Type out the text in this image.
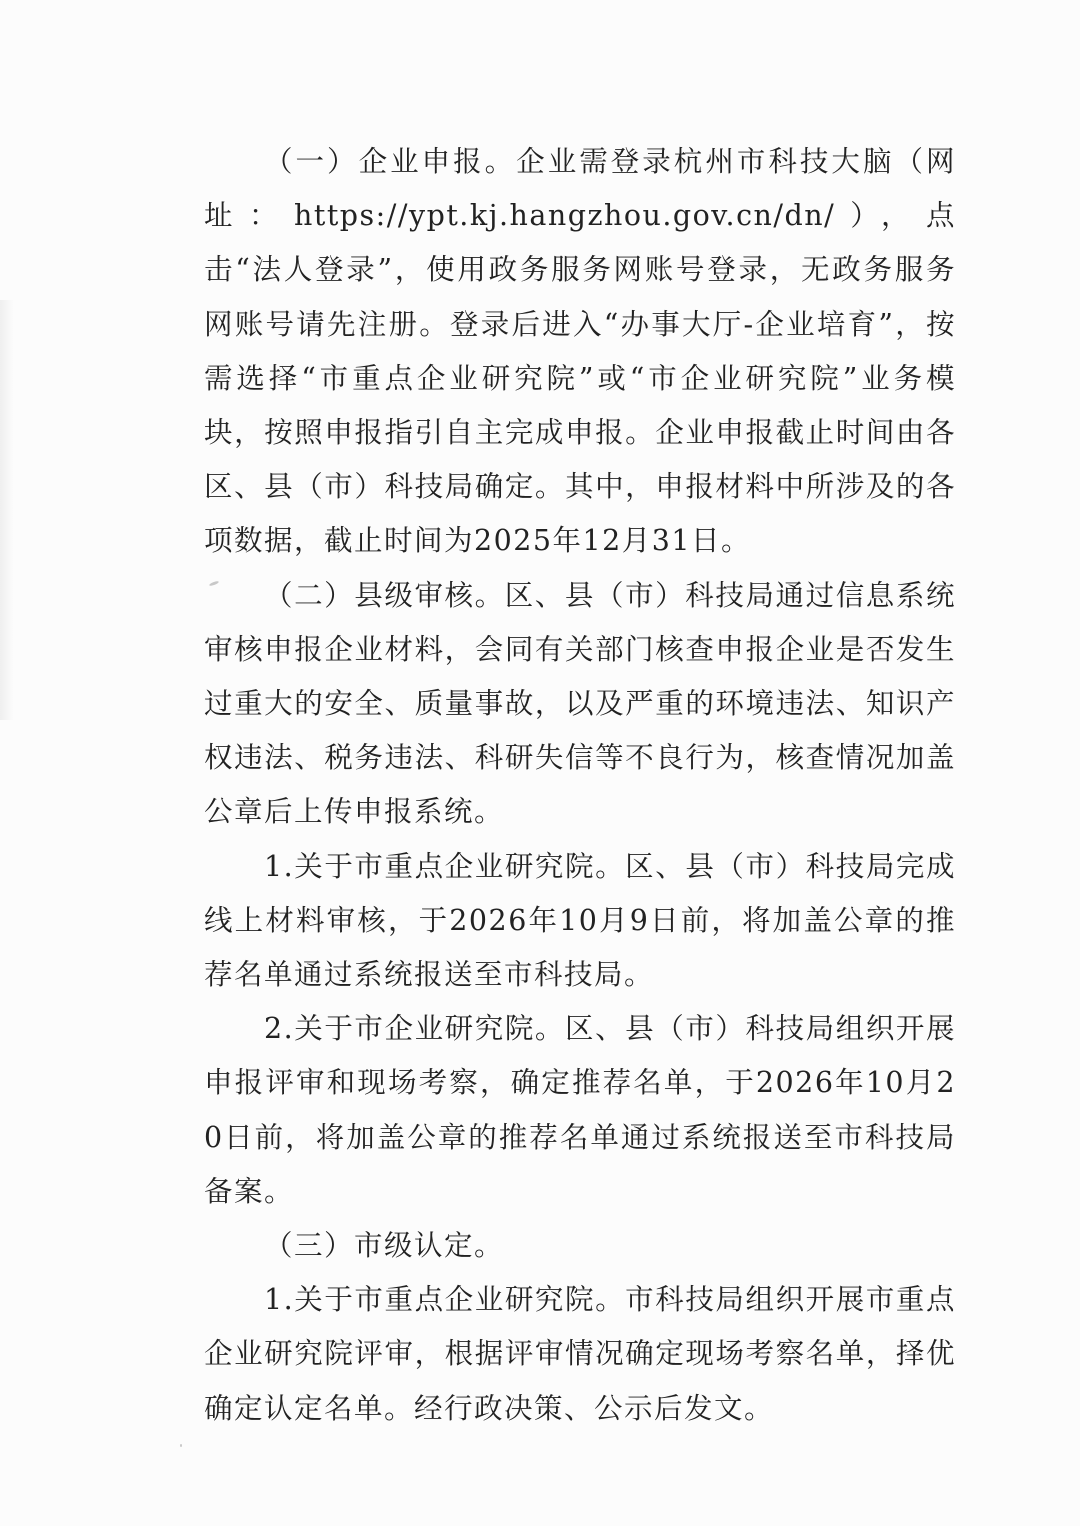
（一）企业申报。企业需登录杭州市科技大脑（网址：https://ypt.kj.hangzhou.gov.cn/dn/），点击“法人登录”，使用政务服务网账号登录，无政务服务网账号请先注册。登录后进入“办事大厅-企业培育”，按需选择“市重点企业研究院”或“市企业研究院”业务模块，按照申报指引自主完成申报。企业申报截止时间由各区、县（市）科技局确定。其中，申报材料中所涉及的各项数据，截止时间为2025年12月31日。

（二）县级审核。区、县（市）科技局通过信息系统审核申报企业材料，会同有关部门核查申报企业是否发生过重大的安全、质量事故，以及严重的环境违法、知识产权违法、税务违法、科研失信等不良行为，核查情况加盖公章后上传申报系统。

1.关于市重点企业研究院。区、县（市）科技局完成线上材料审核，于2026年10月9日前，将加盖公章的推荐名单通过系统报送至市科技局。

2.关于市企业研究院。区、县（市）科技局组织开展申报评审和现场考察，确定推荐名单，于2026年10月20日前，将加盖公章的推荐名单通过系统报送至市科技局备案。

（三）市级认定。

1.关于市重点企业研究院。市科技局组织开展市重点企业研究院评审，根据评审情况确定现场考察名单，择优确定认定名单。经行政决策、公示后发文。
